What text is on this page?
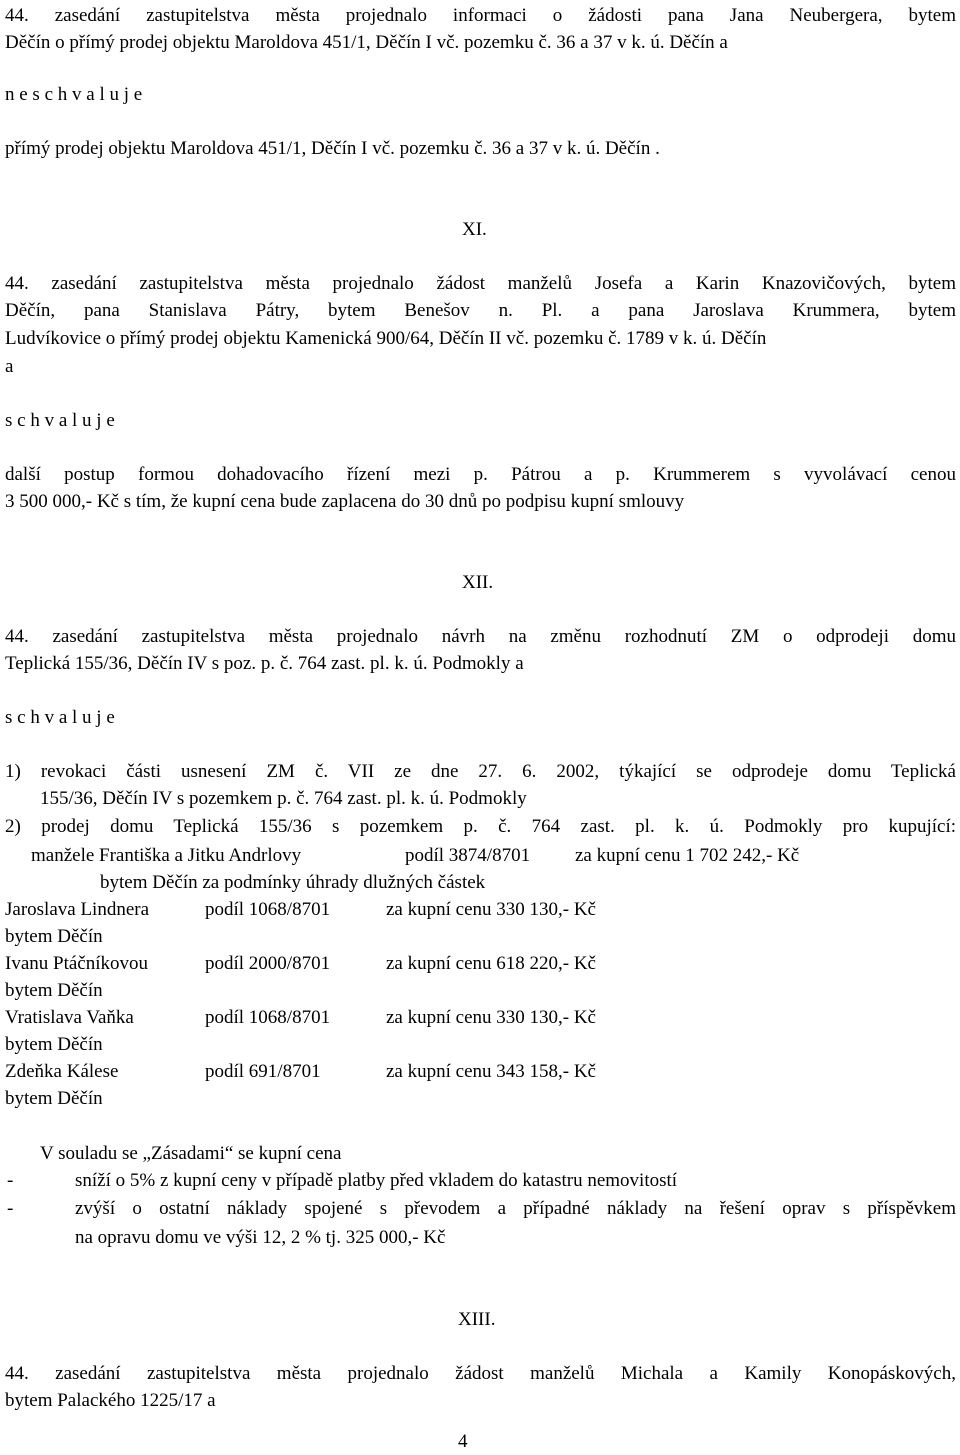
44. zasedání zastupitelstva města projednalo informaci o žádosti pana Jana Neubergera, bytem
Děčín o přímý prodej objektu Maroldova 451/1, Děčín I vč. pozemku č. 36 a 37 v k. ú. Děčín a
n e s c h v a l u j e
přímý prodej objektu Maroldova 451/1, Děčín I vč. pozemku č. 36 a 37 v k. ú. Děčín .
XI.
44. zasedání zastupitelstva města projednalo žádost manželů Josefa a Karin Knazovičových, bytem
Děčín, pana Stanislava Pátry, bytem Benešov n. Pl. a pana Jaroslava Krummera, bytem
Ludvíkovice o přímý prodej objektu Kamenická 900/64, Děčín II vč. pozemku č. 1789 v k. ú. Děčín
a
s c h v a l u j e
další postup formou dohadovacího řízení mezi p. Pátrou a p. Krummerem s vyvolávací cenou
3 500 000,- Kč s tím, že kupní cena bude zaplacena do 30 dnů po podpisu kupní smlouvy
XII.
44. zasedání zastupitelstva města projednalo návrh na změnu rozhodnutí ZM o odprodeji domu
Teplická 155/36, Děčín IV s poz. p. č. 764 zast. pl. k. ú. Podmokly a
s c h v a l u j e
1) revokaci části usnesení ZM č. VII ze dne 27. 6. 2002, týkající se odprodeje domu Teplická
155/36, Děčín IV s pozemkem p. č. 764 zast. pl. k. ú. Podmokly
2) prodej domu Teplická 155/36 s pozemkem p. č. 764 zast. pl. k. ú. Podmokly pro kupující:
manžele Františka a Jitku Andrlovy	podíl 3874/8701 za kupní cenu 1 702 242,- Kč
bytem Děčín za podmínky úhrady dlužných částek
Jaroslava Lindnera	podíl 1068/8701	za kupní cenu 330 130,- Kč
bytem Děčín
Ivanu Ptáčníkovou	podíl 2000/8701	za kupní cenu 618 220,- Kč
bytem Děčín
Vratislava Vaňka	podíl 1068/8701	za kupní cenu 330 130,- Kč
bytem Děčín
Zdeňka Kálese	podíl 691/8701	za kupní cenu 343 158,- Kč
bytem Děčín
V souladu se „Zásadami“ se kupní cena
-	sníží o 5% z kupní ceny v případě platby před vkladem do katastru nemovitostí
-	zvýší o ostatní náklady spojené s převodem a případné náklady na řešení oprav s příspěvkem
na opravu domu ve výši 12, 2 % tj. 325 000,- Kč
XIII.
44. zasedání zastupitelstva města projednalo žádost manželů Michala a Kamily Konopáskových,
bytem Palackého 1225/17 a
4
